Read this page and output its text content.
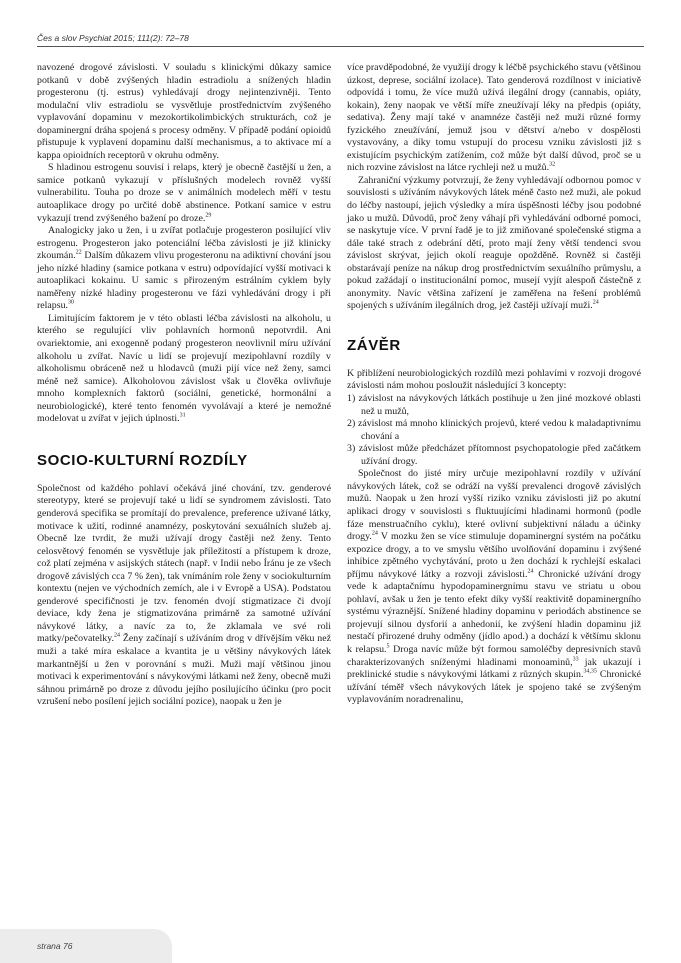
Čes a slov Psychiat 2015; 111(2): 72–78

navozené drogové závislosti. V souladu s klinickými důkazy samice potkanů v době zvýšených hladin estradiolu a snížených hladin progesteronu (tj. estrus) vyhledávají drogy nejintenzivněji. Tento modulační vliv estradiolu se vysvětluje prostřednictvím zvýšeného vyplavování dopaminu v mezokortikolimbických strukturách, což je dopaminergní dráha spojená s procesy odměny. V případě podání opioidů přistupuje k vyplavení dopaminu další mechanismus, a to aktivace mí a kappa opioidních receptorů v okruhu odměny.

S hladinou estrogenu souvisí i relaps, který je obecně častější u žen, a samice potkanů vykazují v příslušných modelech rovněž vyšší vulnerabilitu. Touha po droze se v animálních modelech měří v testu autoaplikace drogy po určité době abstinence. Potkaní samice v estru vykazují trend zvýšeného bažení po droze.$^{29}$

Analogicky jako u žen, i u zvířat potlačuje progesteron posilující vliv estrogenu. Progesteron jako potenciální léčba závislosti je již klinicky zkoumán.$^{22}$ Dalším důkazem vlivu progesteronu na adiktivní chování jsou jeho nízké hladiny (samice potkana v estru) odpovídající vyšší motivaci k autoaplikaci kokainu. U samic s přirozeným estrálním cyklem byly naměřeny nízké hladiny progesteronu ve fázi vyhledávání drogy i při relapsu.$^{30}$

Limitujícím faktorem je v této oblasti léčba závislosti na alkoholu, u kterého se regulující vliv pohlavních hormonů nepotvrdil. Ani ovariektomie, ani exogenně podaný progesteron neovlivnil míru užívání alkoholu u zvířat. Navíc u lidí se projevují mezipohlavní rozdíly v alkoholismu obráceně než u hlodavců (muži pijí více než ženy, samci méně než samice). Alkoholovou závislost však u člověka ovlivňuje mnoho komplexních faktorů (sociální, genetické, hormonální a neurobiologické), které tento fenomén vyvolávají a které je nemožné modelovat u zvířat v jejich úplnosti.$^{31}$

SOCIO-KULTURNÍ ROZDÍLY

Společnost od každého pohlaví očekává jiné chování, tzv. genderové stereotypy, které se projevují také u lidí se syndromem závislosti. Tato genderová specifika se promítají do prevalence, preference užívané látky, motivace k užití, rodinné anamnézy, poskytování sexuálních služeb aj. Obecně lze tvrdit, že muži užívají drogy častěji než ženy. Tento celosvětový fenomén se vysvětluje jak příležitostí a přístupem k droze, což platí zejména v asijských státech (např. v Indii nebo Íránu je ze všech drogově závislých cca 7 % žen), tak vnímáním role ženy v sociokulturním kontextu (nejen ve východních zemích, ale i v Evropě a USA). Podstatou genderové specifičnosti je tzv. fenomén dvojí stigmatizace či dvojí deviace, kdy žena je stigmatizována primárně za samotné užívání návykové látky, a navíc za to, že zklamala ve své roli matky/pečovatelky.$^{24}$ Ženy začínají s užíváním drog v dřívějším věku než muži a také míra eskalace a kvantita je u většiny návykových látek markantnější u žen v porovnání s muži. Muži mají většinou jinou motivaci k experimentování s návykovými látkami než ženy, obecně muži sáhnou primárně po droze z důvodu jejího posilujícího účinku (pro pocit vzrušení nebo posílení jejich sociální pozice), naopak u žen je

více pravděpodobné, že využijí drogy k léčbě psychického stavu (většinou úzkost, deprese, sociální izolace). Tato genderová rozdílnost v iniciativě odpovídá i tomu, že více mužů užívá ilegální drogy (cannabis, opiáty, kokain), ženy naopak ve větší míře zneužívají léky na předpis (opiáty, sedativa). Ženy mají také v anamnéze častěji než muži různé formy fyzického zneužívání, jemuž jsou v dětství a/nebo v dospělosti vystavovány, a díky tomu vstupují do procesu vzniku závislosti již s existujícím psychickým zatížením, což může být další důvod, proč se u nich rozvine závislost na látce rychleji než u mužů.$^{32}$

Zahraniční výzkumy potvrzují, že ženy vyhledávají odbornou pomoc v souvislosti s užíváním návykových látek méně často než muži, ale pokud do léčby nastoupí, jejich výsledky a míra úspěšnosti léčby jsou podobné jako u mužů. Důvodů, proč ženy váhají při vyhledávání odborné pomoci, se naskytuje více. V první řadě je to již zmiňované společenské stigma a dále také strach z odebrání dětí, proto mají ženy větší tendenci svou závislost skrývat, jejich okolí reaguje opožděně. Rovněž si častěji obstarávají peníze na nákup drog prostřednictvím sexuálního průmyslu, a pokud zažádají o institucionální pomoc, musejí vyjít alespoň částečně z anonymity. Navíc většina zařízení je zaměřena na řešení problémů spojených s užíváním ilegálních drog, jež častěji užívají muži.$^{24}$

ZÁVĚR

K přiblížení neurobiologických rozdílů mezi pohlavími v rozvoji drogové závislosti nám mohou posloužit následující 3 koncepty:

1) závislost na návykových látkách postihuje u žen jiné mozkové oblasti než u mužů,
2) závislost má mnoho klinických projevů, které vedou k maladaptivnímu chování a
3) závislost může předcházet přítomnost psychopatologie před začátkem užívání drogy.

Společnost do jisté míry určuje mezipohlavní rozdíly v užívání návykových látek, což se odráží na vyšší prevalenci drogově závislých mužů. Naopak u žen hrozí vyšší riziko vzniku závislosti již po akutní aplikaci drogy v souvislosti s fluktuujícími hladinami hormonů (podle fáze menstruačního cyklu), které ovlivní subjektivní náladu a účinky drogy.$^{24}$ V mozku žen se více stimuluje dopaminergní systém na počátku expozice drogy, a to ve smyslu většího uvolňování dopaminu i zvýšené inhibice zpětného vychytávání, proto u žen dochází k rychlejší eskalaci příjmu návykové látky a rozvoji závislosti.$^{24}$ Chronické užívání drogy vede k adaptačnímu hypodopaminergnímu stavu ve striatu u obou pohlaví, avšak u žen je tento efekt díky vyšší reaktivitě dopaminergního systému výraznější. Snížené hladiny dopaminu v periodách abstinence se projevují silnou dysforií a anhedonií, ke zvýšení hladin dopaminu již nestačí přirozené druhy odměny (jídlo apod.) a dochází k většímu sklonu k relapsu.$^5$ Droga navíc může být formou samoléčby depresivních stavů charakterizovaných sníženými hladinami monoaminů,$^{33}$ jak ukazují i preklinické studie s návykovými látkami z různých skupin.$^{34,35}$ Chronické užívání téměř všech návykových látek je spojeno také se zvýšeným vyplavováním noradrenalinu,

strana 76
